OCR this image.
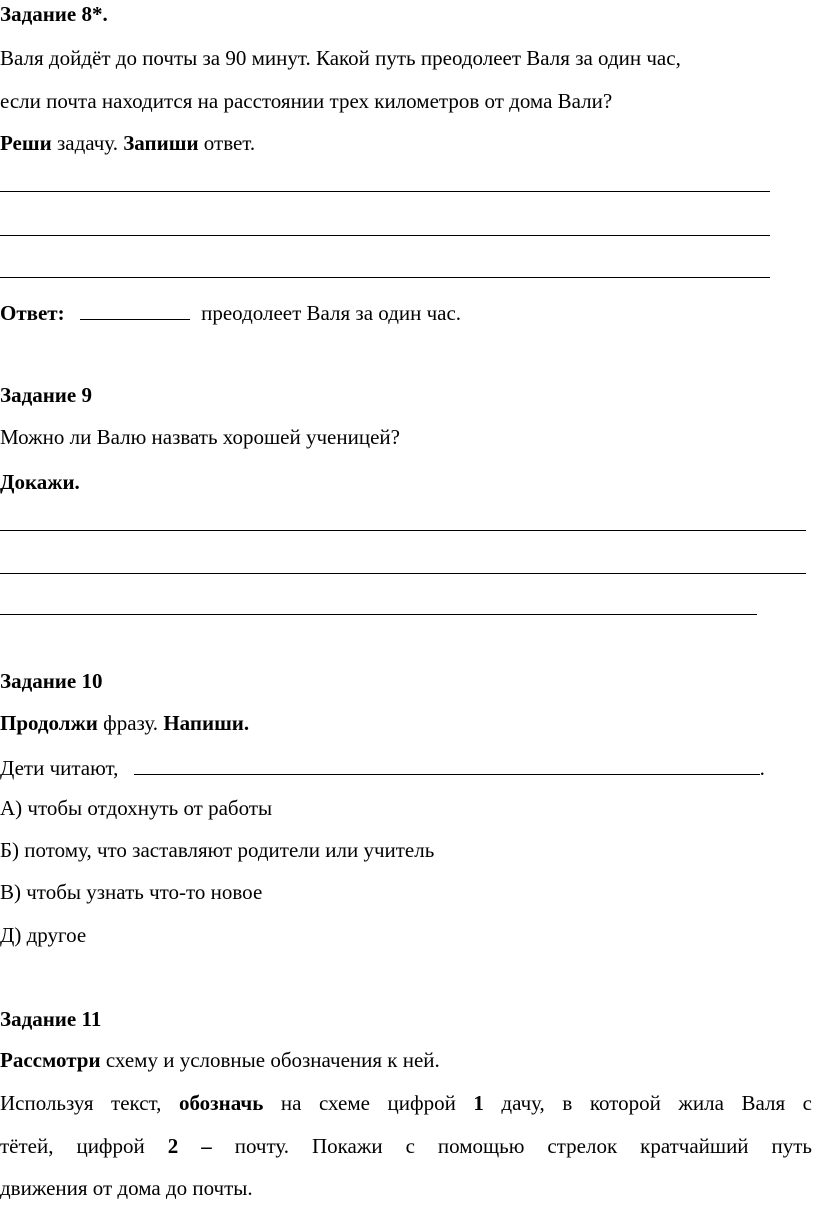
Задание 8*.
Валя дойдёт до почты за 90 минут. Какой путь преодолеет Валя за один час,
если почта находится на расстоянии трех километров от дома Вали?
Реши задачу. Запиши ответ.
Ответ:	преодолеет Валя за один час.
Задание 9
Можно ли Валю назвать хорошей ученицей?
Докажи.
Задание 10
Продолжи фразу. Напиши.
Дети читают,	.
А) чтобы отдохнуть от работы
Б) потому, что заставляют родители или учитель
В) чтобы узнать что-то новое
Д) другое
Задание 11
Рассмотри схему и условные обозначения к ней.
Используя текст, обозначь на схеме цифрой 1 дачу, в которой жила Валя с
тётей, цифрой 2 – почту. Покажи с помощью стрелок кратчайший путь
движения от дома до почты.
